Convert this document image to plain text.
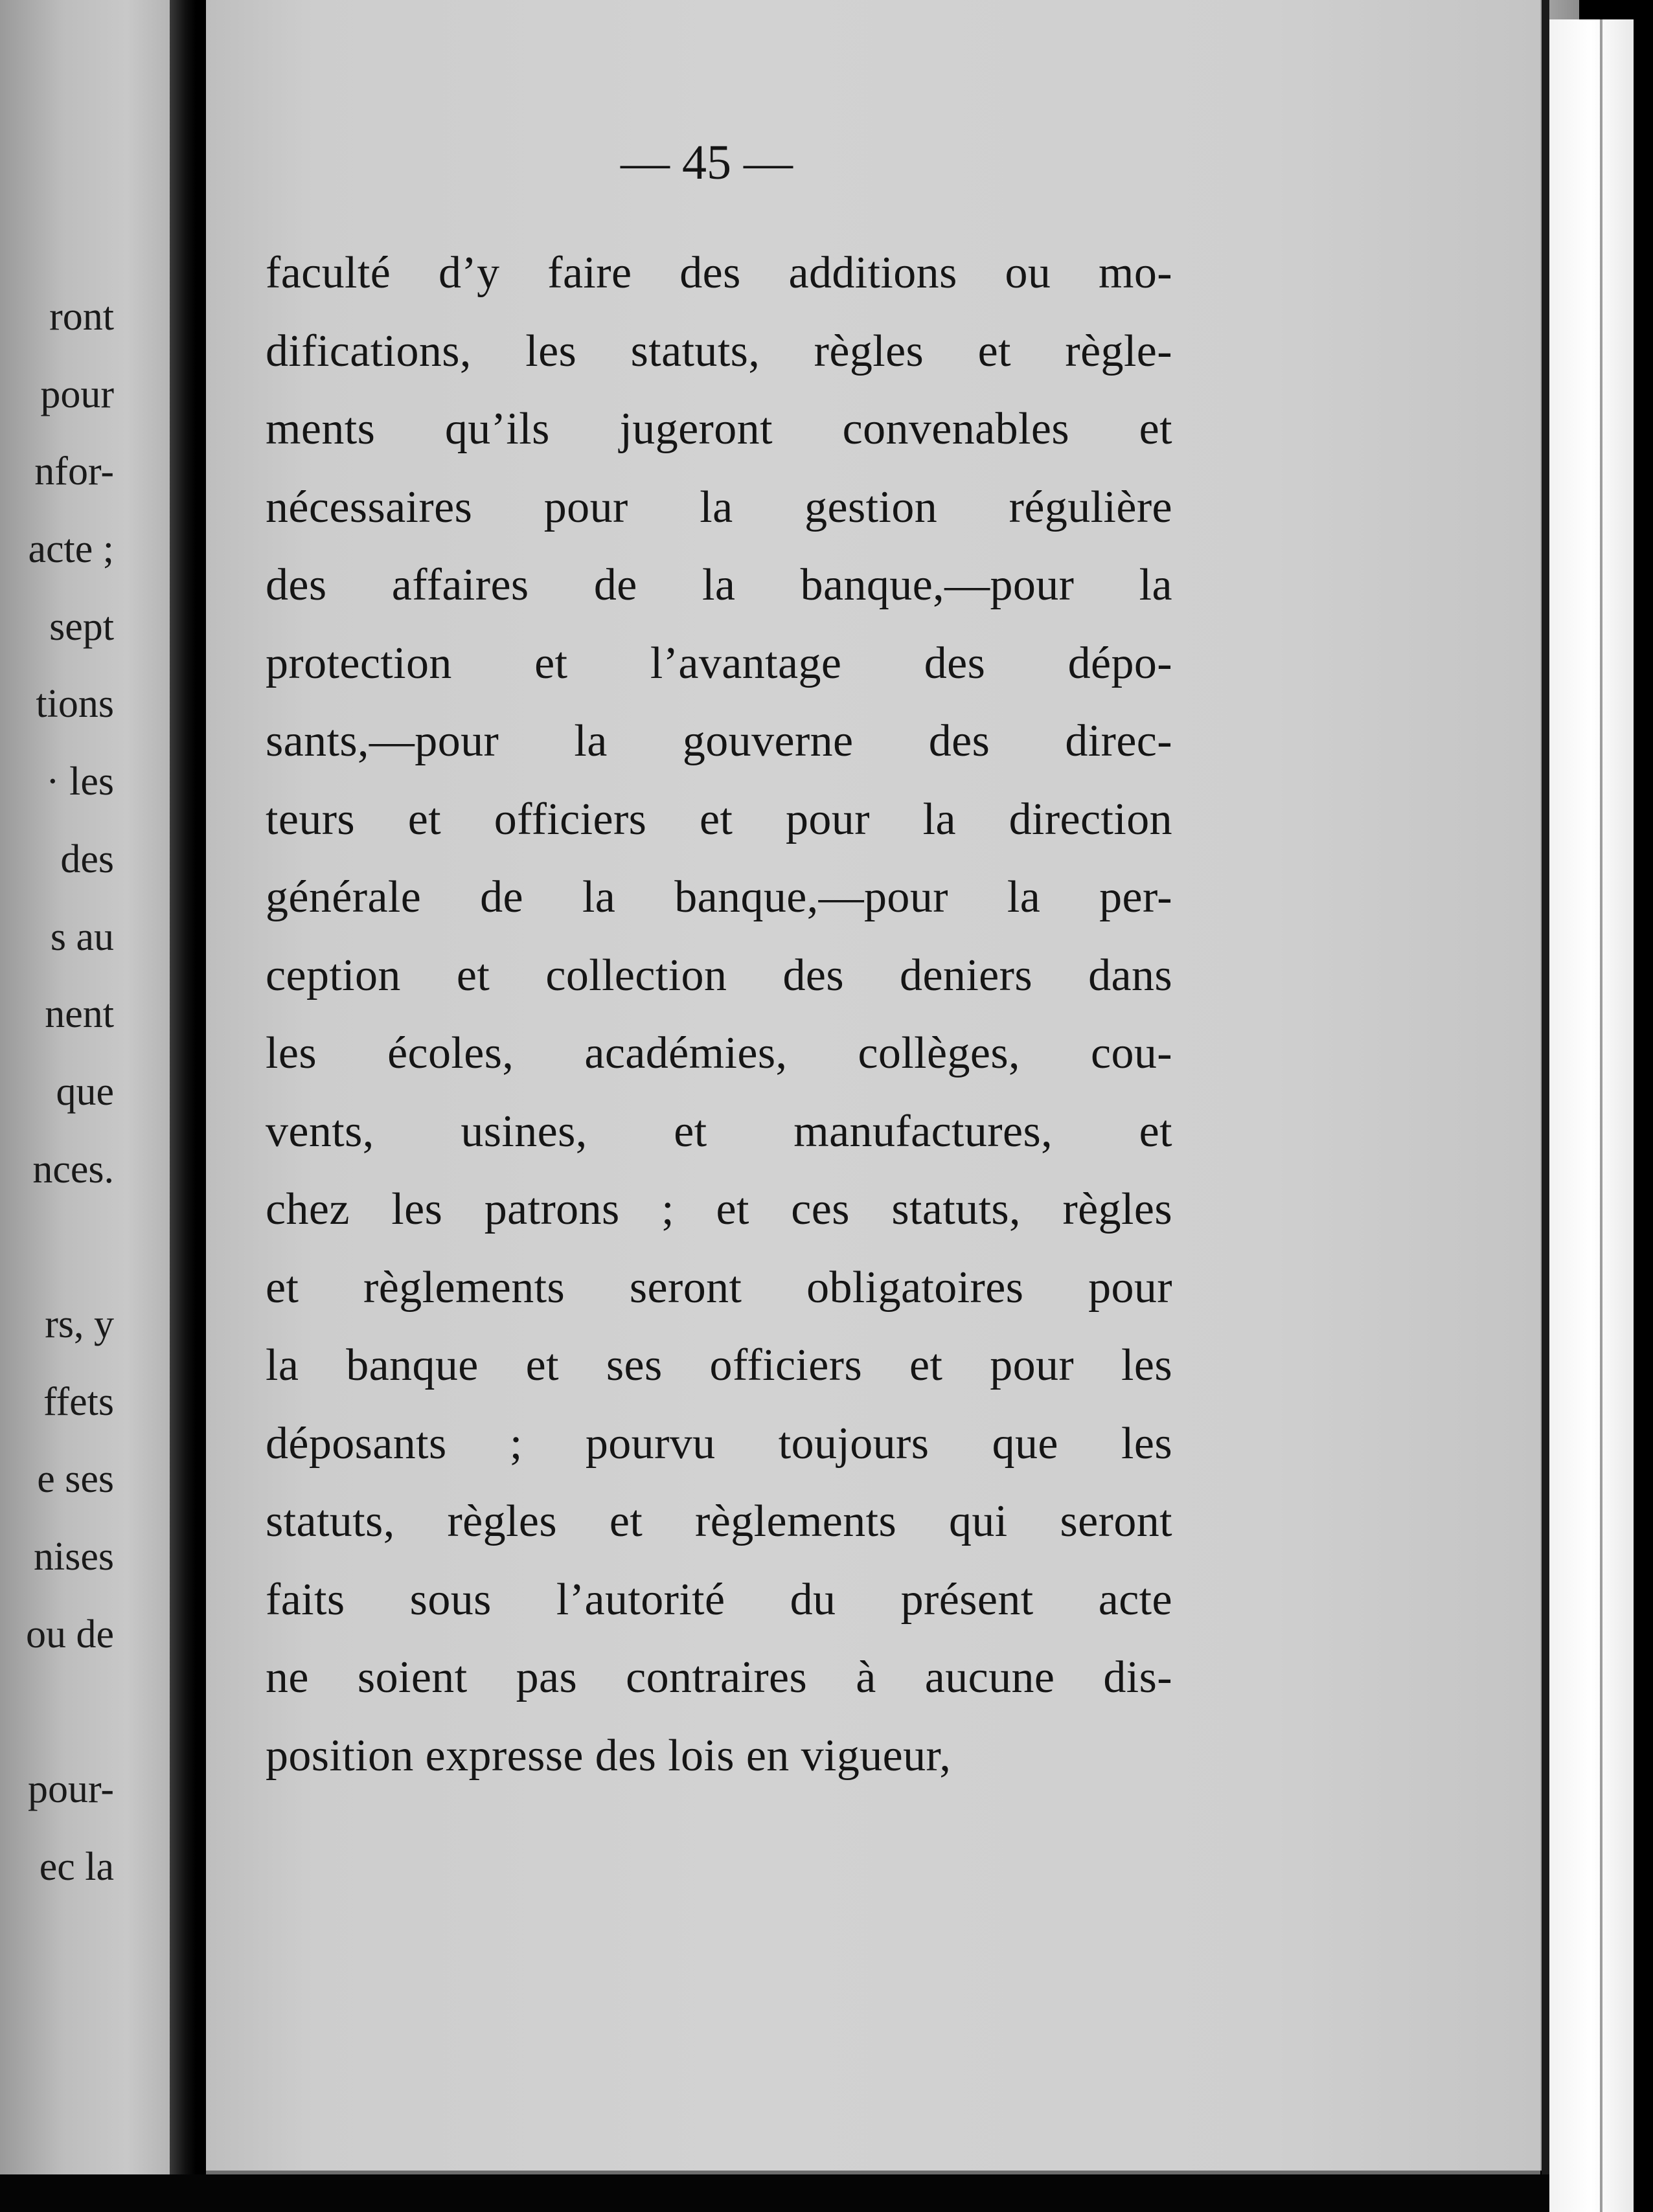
ront
pour
nfor-
acte ;
sept
tions
· les
des
s au
nent
que
nces.
rs, y
ffets
e ses
nises
ou de
pour-
ec la
— 45 —
faculté d’y faire des additions ou mo-
difications, les statuts, règles et règle-
ments qu’ils jugeront convenables et
nécessaires pour la gestion régulière
des affaires de la banque,—pour la
protection et l’avantage des dépo-
sants,—pour la gouverne des direc-
teurs et officiers et pour la direction
générale de la banque,—pour la per-
ception et collection des deniers dans
les écoles, académies, collèges, cou-
vents, usines, et manufactures, et
chez les patrons ; et ces statuts, règles
et règlements seront obligatoires pour
la banque et ses officiers et pour les
déposants ; pourvu toujours que les
statuts, règles et règlements qui seront
faits sous l’autorité du présent acte
ne soient pas contraires à aucune dis-
position expresse des lois en vigueur,
